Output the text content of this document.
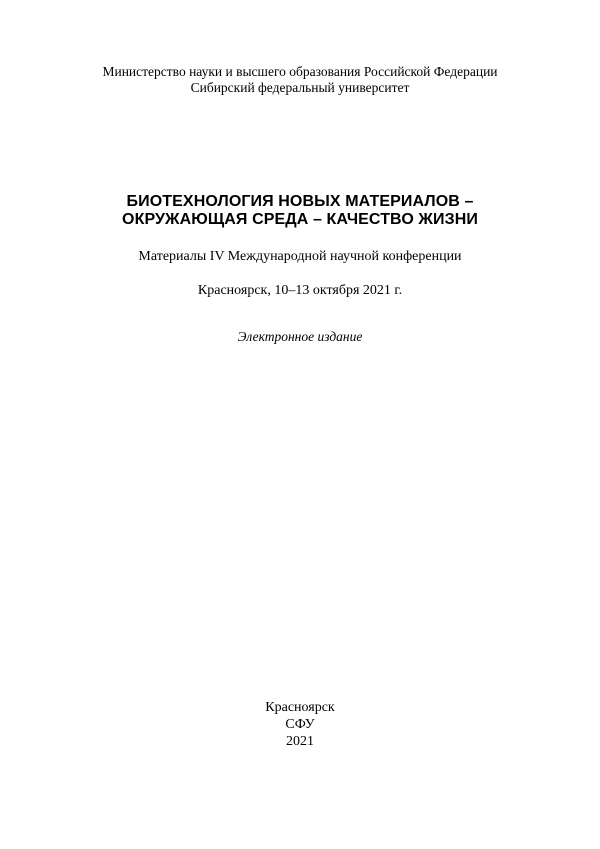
Министерство науки и высшего образования Российской Федерации
Сибирский федеральный университет
БИОТЕХНОЛОГИЯ НОВЫХ МАТЕРИАЛОВ –
ОКРУЖАЮЩАЯ СРЕДА – КАЧЕСТВО ЖИЗНИ
Материалы IV Международной научной конференции
Красноярск, 10–13 октября 2021 г.
Электронное издание
Красноярск
СФУ
2021
